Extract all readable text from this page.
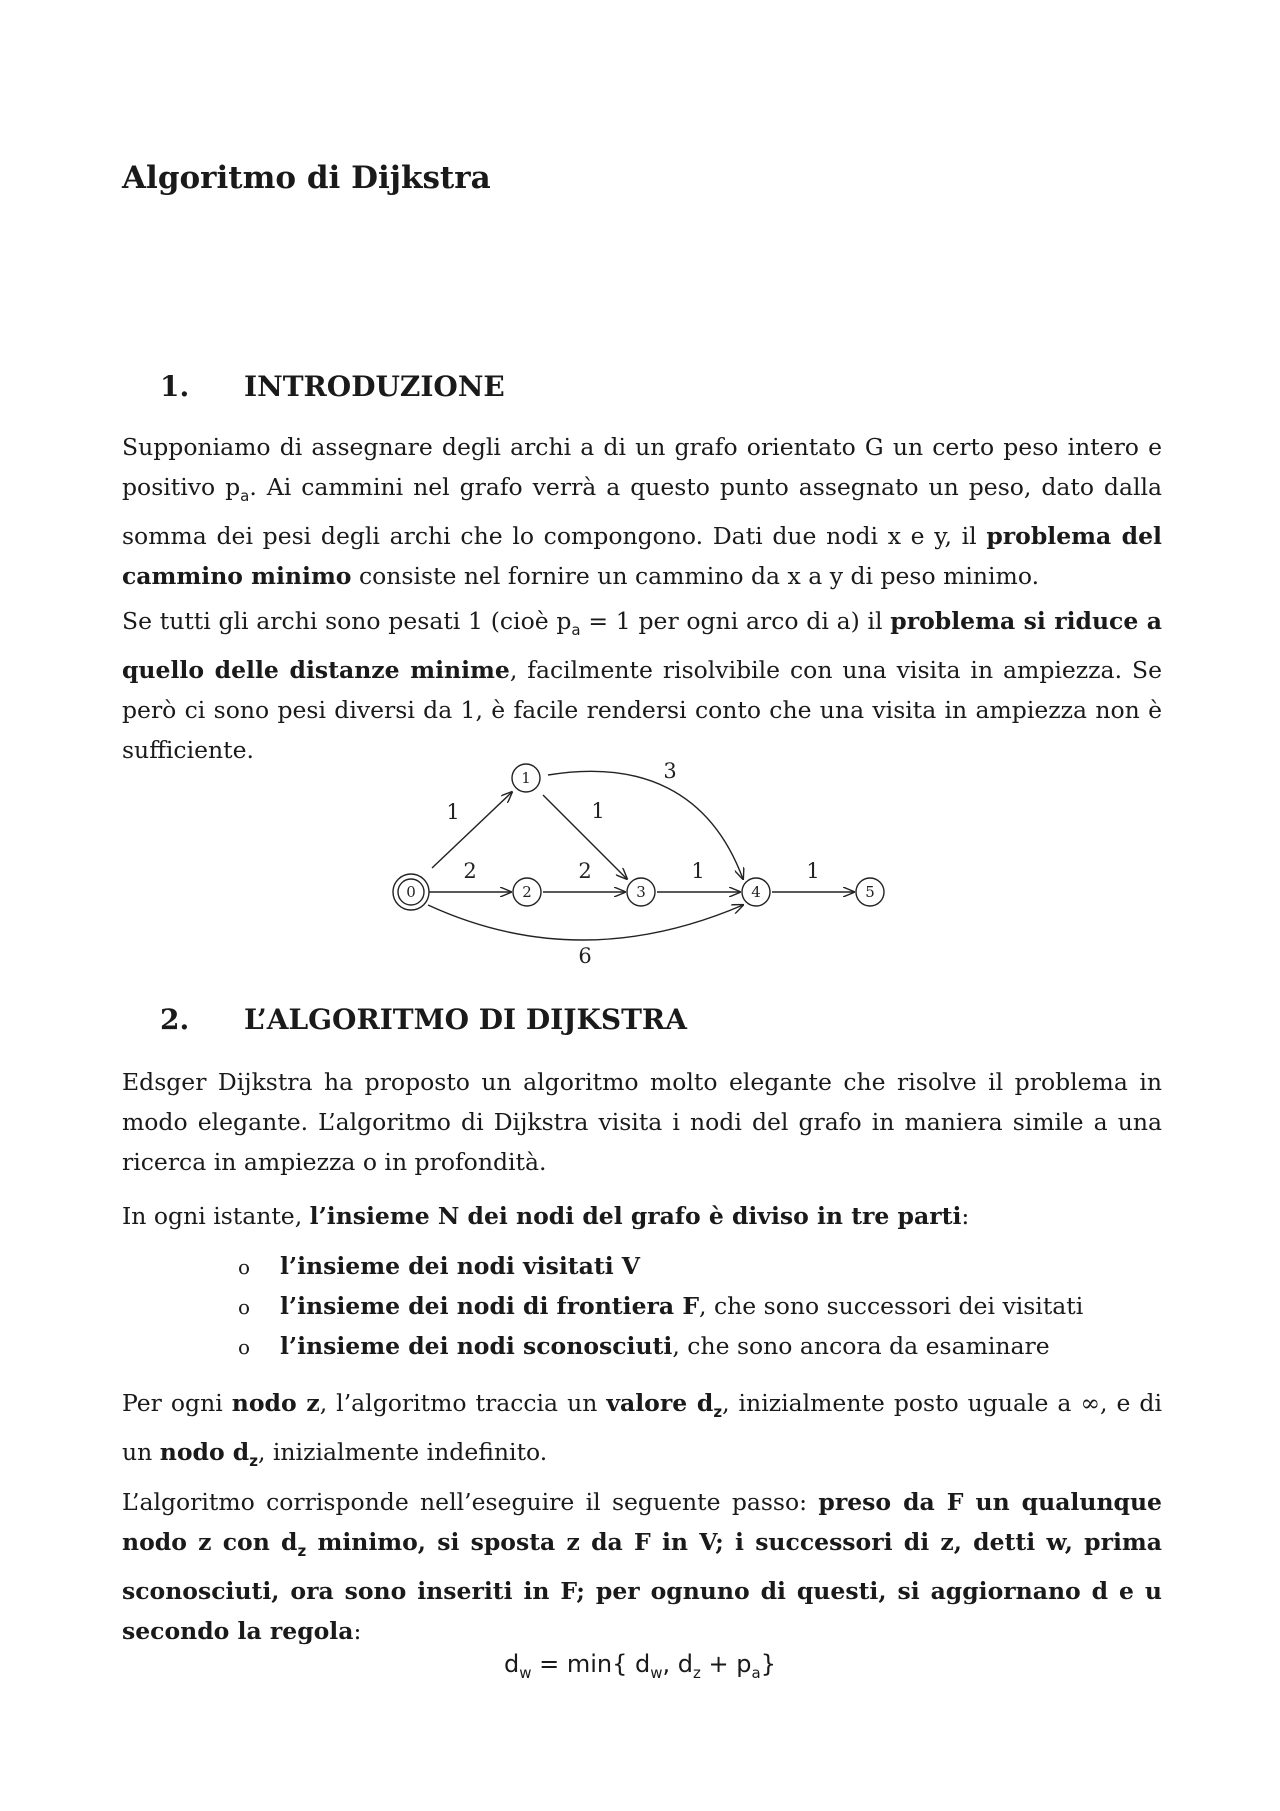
Algoritmo di Dijkstra
1. INTRODUZIONE

Supponiamo di assegnare degli archi a di un grafo orientato G un certo peso intero e positivo $p_a$. Ai cammini nel grafo verrà a questo punto assegnato un peso, dato dalla somma dei pesi degli archi che lo compongono. Dati due nodi x e y, il problema del cammino minimo consiste nel fornire un cammino da x a y di peso minimo.

Se tutti gli archi sono pesati 1 (cioè $p_a = 1$ per ogni arco di a) il problema si riduce a quello delle distanze minime, facilmente risolvibile con una visita in ampiezza. Se però ci sono pesi diversi da 1, è facile rendersi conto che una visita in ampiezza non è sufficiente.

1
2
1
3
2	1	1
6
0
1
2	3	4	5
2. L’ALGORITMO DI DIJKSTRA

Edsger Dijkstra ha proposto un algoritmo molto elegante che risolve il problema in modo elegante. L’algoritmo di Dijkstra visita i nodi del grafo in maniera simile a una ricerca in ampiezza o in profondità.

In ogni istante, l’insieme N dei nodi del grafo è diviso in tre parti:

o l’insieme dei nodi visitati V
o l’insieme dei nodi di frontiera F, che sono successori dei visitati
o l’insieme dei nodi sconosciuti, che sono ancora da esaminare

Per ogni nodo z, l’algoritmo traccia un valore $d_z$, inizialmente posto uguale a ∞, e di un nodo $d_z$, inizialmente indefinito.

L’algoritmo corrisponde nell’eseguire il seguente passo: preso da F un qualunque nodo z con $d_z$ minimo, si sposta z da F in V; i successori di z, detti w, prima sconosciuti, ora sono inseriti in F; per ognuno di questi, si aggiornano d e u secondo la regola:

$d_w = \min${ $d_w$, $d_z + p_a$}
